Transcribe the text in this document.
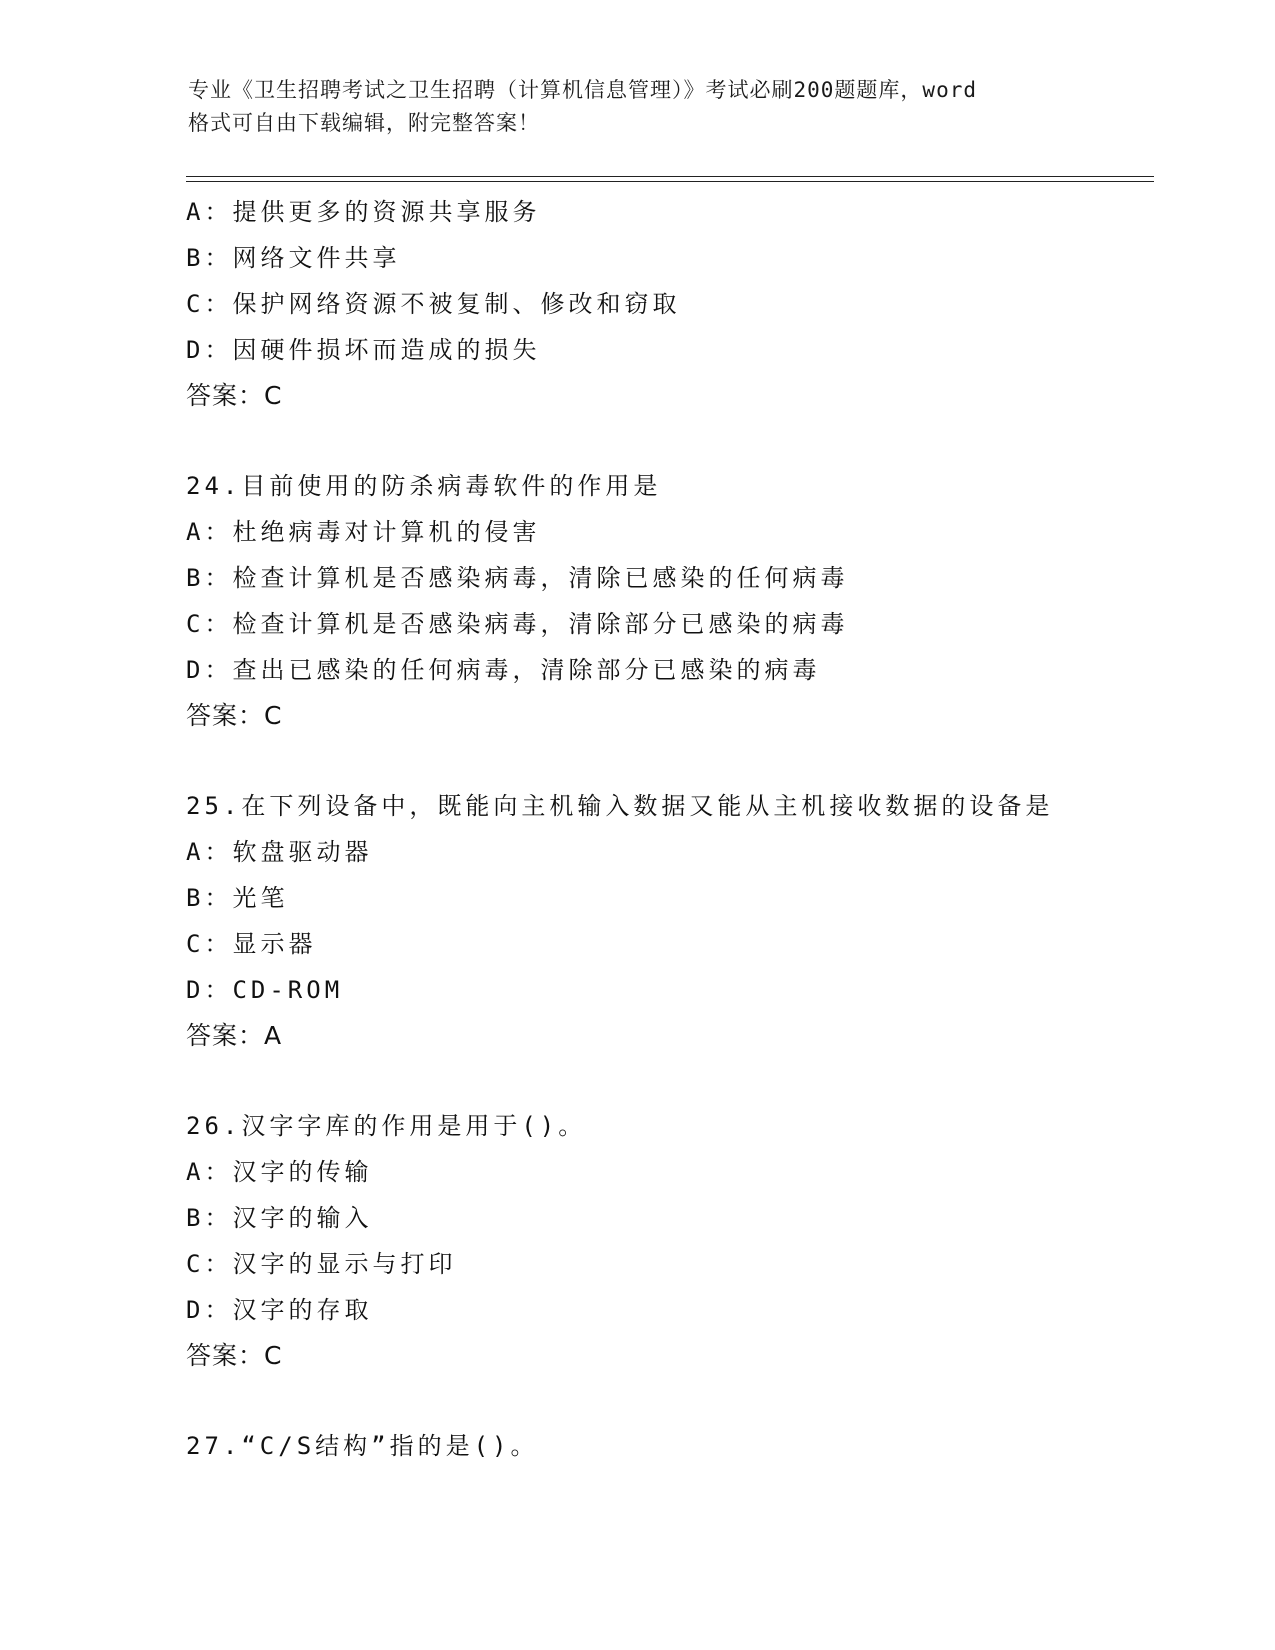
专业《卫生招聘考试之卫生招聘（计算机信息管理）》考试必刷200题题库，word
格式可自由下载编辑，附完整答案！
A：提供更多的资源共享服务
B：网络文件共享
C：保护网络资源不被复制、修改和窃取
D：因硬件损坏而造成的损失
答案：C
24.目前使用的防杀病毒软件的作用是
A：杜绝病毒对计算机的侵害
B：检查计算机是否感染病毒，清除已感染的任何病毒
C：检查计算机是否感染病毒，清除部分已感染的病毒
D：查出已感染的任何病毒，清除部分已感染的病毒
答案：C
25.在下列设备中，既能向主机输入数据又能从主机接收数据的设备是
A：软盘驱动器
B：光笔
C：显示器
D：CD-ROM
答案：A
26.汉字字库的作用是用于()。
A：汉字的传输
B：汉字的输入
C：汉字的显示与打印
D：汉字的存取
答案：C
27.“C/S结构”指的是()。
